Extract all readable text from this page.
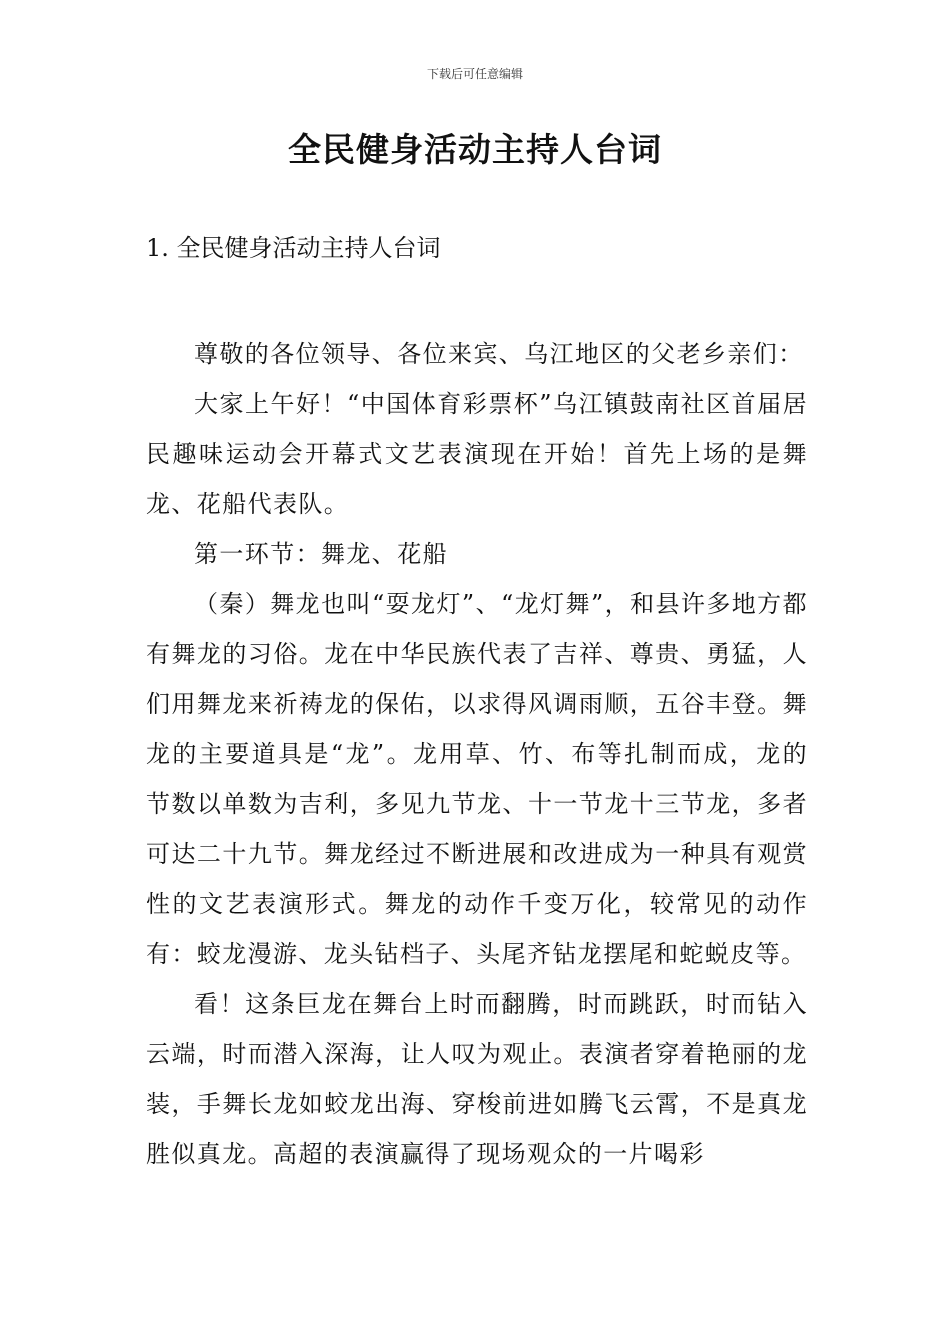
下载后可任意编辑
全民健身活动主持人台词
1. 全民健身活动主持人台词

尊敬的各位领导、各位来宾、乌江地区的父老乡亲们：

大家上午好！“中国体育彩票杯”乌江镇鼓南社区首届居民趣味运动会开幕式文艺表演现在开始！首先上场的是舞龙、花船代表队。

第一环节：舞龙、花船

（秦）舞龙也叫“耍龙灯”、“龙灯舞”，和县许多地方都有舞龙的习俗。龙在中华民族代表了吉祥、尊贵、勇猛，人们用舞龙来祈祷龙的保佑，以求得风调雨顺，五谷丰登。舞龙的主要道具是“龙”。龙用草、竹、布等扎制而成，龙的节数以单数为吉利，多见九节龙、十一节龙十三节龙，多者可达二十九节。舞龙经过不断进展和改进成为一种具有观赏性的文艺表演形式。舞龙的动作千变万化，较常见的动作有：蛟龙漫游、龙头钻档子、头尾齐钻龙摆尾和蛇蜕皮等。

看！这条巨龙在舞台上时而翻腾，时而跳跃，时而钻入云端，时而潜入深海，让人叹为观止。表演者穿着艳丽的龙装，手舞长龙如蛟龙出海、穿梭前进如腾飞云霄，不是真龙胜似真龙。高超的表演赢得了现场观众的一片喝彩
